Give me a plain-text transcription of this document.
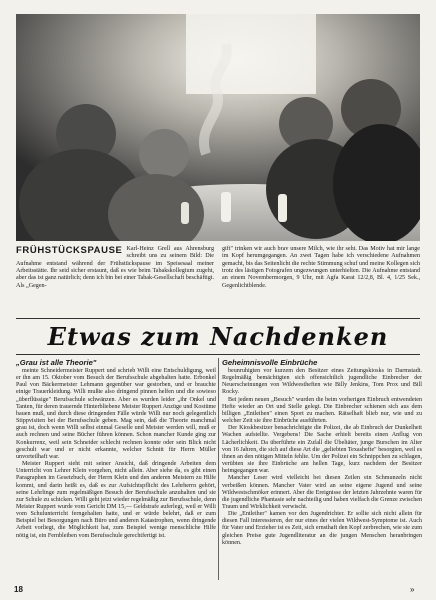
FRÜHSTÜCKSPAUSE Karl-Heinz Grell aus Ahrensburg schreibt uns zu seinem Bild: Die Aufnahme entstand während der Frühstückspause im Speisesaal meiner Arbeitsstätte. Ihr seid sicher erstaunt, daß es wie beim Tabakskollegium zugeht, aber das ist ganz natürlich; denn ich bin bei einer Tabak-Gesellschaft beschäftigt. Als „Gegen-
gift" trinken wir auch brav unsere Milch, wie ihr seht. Das Motiv hat mir lange im Kopf herumgegangen. An zwei Tagen habe ich verschiedene Aufnahmen gemacht, bis das Seitenlicht die rechte Stimmung schuf und meine Kollegen sich trotz des lästigen Fotografen ungezwungen unterhielten. Die Aufnahme entstand an einem Novembermorgen, 9 Uhr, mit Agfa Karat 12/2,8, Bl. 4, 1/25 Sek., Gegenlichtblende.
Etwas zum Nachdenken
„Grau ist alle Theorie"

meinte Schneidermeister Ruppert und schrieb Willi eine Entschuldigung, weil er ihn am 15. Oktober vom Besuch der Berufsschule abgehalten hatte. Erbonkel Paul von Bäckermeister Lehmann gegenüber war gestorben, und er brauchte einige Trauerkleidung. Willi mußte also dringend pinnen helfen und die sowieso „überflüssige" Berufsschule schwänzen. Aber es wurden leider „ihr Onkel und Tanten, für deren trauernde Hinterbliebene Meister Ruppert Anzüge und Kostüme bauen muß, und durch diese dringenden Fälle würde Willi nur noch gelegentlich Stippvisiten bei der Berufsschule geben. Mag sein, daß die Theorie manchmal grau ist, doch wenn Willi selbst einmal Geselle und Meister werden will, muß er auch rechnen und seine Bücher führen können. Schon mancher Kunde ging zur Konkurrenz, weil sein Schneider schlecht rechnen konnte oder sein Blick nicht geschult war und er nicht erkannte, welcher Schnitt für Herrn Müller unvorteilhaft war.

Meister Ruppert sieht mit seiner Ansicht, daß dringende Arbeiten dem Unterricht von Lehrer Klein vorgehen, nicht allein. Aber siehe da, es gibt einen Paragraphen im Gesetzbuch, der Herrn Klein und den anderen Meistern zu Hilfe kommt, und darin heißt es, daß es zur Aufsichtspflicht des Lehrherrn gehört, seine Lehrlinge zum regelmäßigen Besuch der Berufsschule anzuhalten und sie zur Schule zu schicken. Willi geht jetzt wieder regelmäßig zur Berufsschule, denn Meister Ruppert wurde vom Gericht DM 15,— Geldstrafe auferlegt, weil er Willi vom Schulunterricht ferngehalten hatte, und er würde belehrt, daß er zum Beispiel bei Besorgungen nach Büro und anderen Katastrophen, wenn dringende Arbeit vorliegt, die Möglichkeit hat, zum Beispiel wenige menschliche Hilfe nötig ist, ein Fernbleiben vom Berufsschule gerechtfertigt ist.

Geheimnisvolle Einbrüche

beunruhigten vor kurzem den Besitzer eines Zeitungskiosks in Darmstadt. Regelmäßig bemächtigten sich offensichtlich jugendliche Einbrecher der Neuerscheinungen von Wildwestheften wie Billy Jenkins, Tom Prox und Bill Rocky.

Bei jedem neuen „Besuch" wurden die beim vorherigen Einbruch entwendeten Hefte wieder an Ort und Stelle gelegt. Die Einbrecher schienen sich aus dem billigen „Entleihen" einen Sport zu machen. Rätselhaft blieb nur, wie und zu welcher Zeit sie ihre Einbrüche ausführten.

Der Kioskbesitzer benachrichtigte die Polizei, die ab Einbruch der Dunkelheit Wachen aufstellte. Vergebens! Die Sache erhielt bereits einen Anflug von Lächerlichkeit. Da überführte ein Zufall die Übeltäter, junge Burschen im Alter von 16 Jahren, die sich auf diese Art die „geliebten Texashefte" besorgten, weil es ihnen an den nötigen Mitteln fehlte. Um der Polizei ein Schnippchen zu schlagen, verübten sie ihre Einbrüche am hellen Tage, kurz nachdem der Besitzer heimgegangen war.

Mancher Leser wird vielleicht bei diesen Zeilen ein Schmunzeln nicht verbeißen können. Mancher Vater wird an seine eigene Jugend und seine Wildwestschmöker erinnert. Aber die Ereignisse der letzten Jahrzehnte waren für die jugendliche Phantasie sehr nachteilig und haben vielfach die Grenze zwischen Traum und Wirklichkeit verwischt.

Die „Entleiher" kamen vor den Jugendrichter. Er sollte sich nicht allein für diesen Fall interessieren, der nur eines der vielen Wildwest-Symptome ist. Auch für Vater und Erzieher ist es Zeit, sich ernsthaft den Kopf zerbrechen, wie sie zum gleichen Preise gute Jugendliteratur an die jungen Menschen heranbringen können.

18	»
